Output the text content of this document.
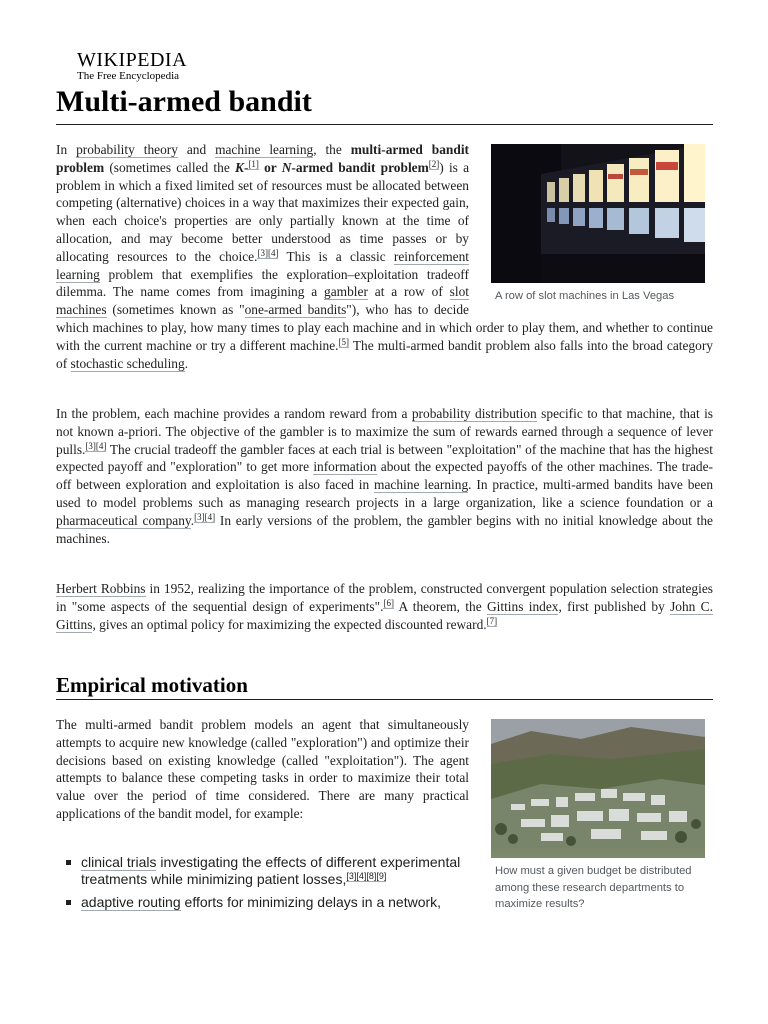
WIKIPEDIA
The Free Encyclopedia
Multi-armed bandit

A row of slot machines in Las Vegas
In probability theory and machine learning, the multi-armed bandit problem (sometimes called the K-[1] or N-armed bandit problem[2]) is a problem in which a fixed limited set of resources must be allocated between competing (alternative) choices in a way that maximizes their expected gain, when each choice's properties are only partially known at the time of allocation, and may become better understood as time passes or by allocating resources to the choice.[3][4] This is a classic reinforcement learning problem that exemplifies the exploration–exploitation tradeoff dilemma. The name comes from imagining a gambler at a row of slot machines (sometimes known as "one-armed bandits"), who has to decide which machines to play, how many times to play each machine and in which order to play them, and whether to continue with the current machine or try a different machine.[5] The multi-armed bandit problem also falls into the broad category of stochastic scheduling.

In the problem, each machine provides a random reward from a probability distribution specific to that machine, that is not known a-priori. The objective of the gambler is to maximize the sum of rewards earned through a sequence of lever pulls.[3][4] The crucial tradeoff the gambler faces at each trial is between "exploitation" of the machine that has the highest expected payoff and "exploration" to get more information about the expected payoffs of the other machines. The trade-off between exploration and exploitation is also faced in machine learning. In practice, multi-armed bandits have been used to model problems such as managing research projects in a large organization, like a science foundation or a pharmaceutical company.[3][4] In early versions of the problem, the gambler begins with no initial knowledge about the machines.

Herbert Robbins in 1952, realizing the importance of the problem, constructed convergent population selection strategies in "some aspects of the sequential design of experiments".[6] A theorem, the Gittins index, first published by John C. Gittins, gives an optimal policy for maximizing the expected discounted reward.[7]

Empirical motivation

How must a given budget be distributed among these research departments to maximize results?
The multi-armed bandit problem models an agent that simultaneously attempts to acquire new knowledge (called "exploration") and optimize their decisions based on existing knowledge (called "exploitation"). The agent attempts to balance these competing tasks in order to maximize their total value over the period of time considered. There are many practical applications of the bandit model, for example:

clinical trials investigating the effects of different experimental treatments while minimizing patient losses,[3][4][8][9]
adaptive routing efforts for minimizing delays in a network,
